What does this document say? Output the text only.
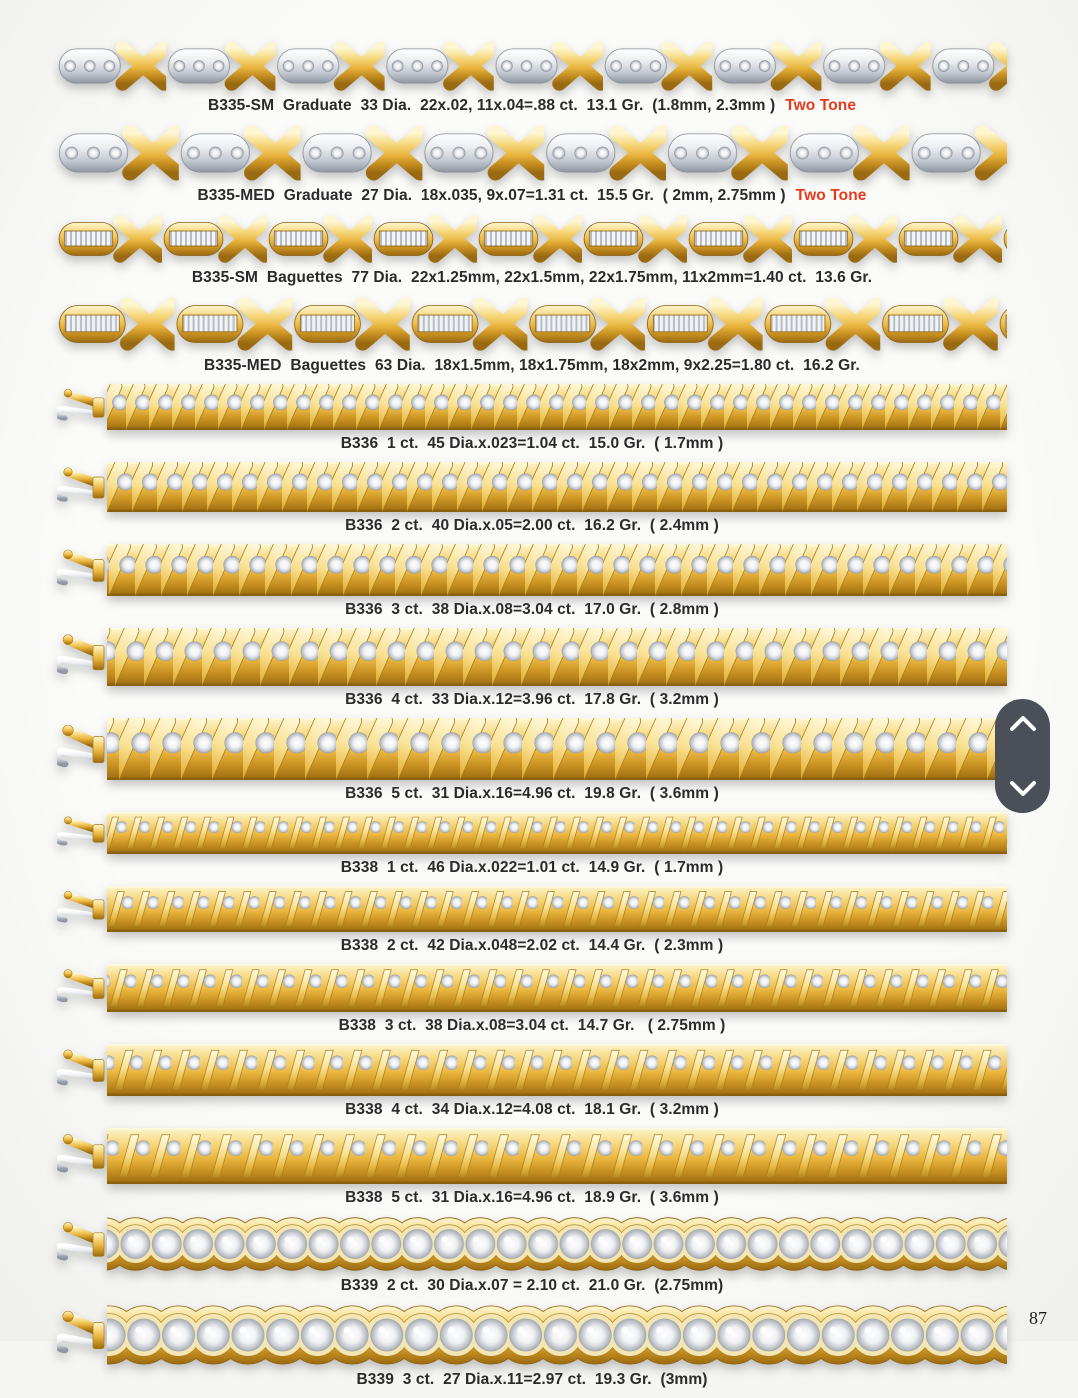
B335-SM  Graduate  33 Dia.  22x.02, 11x.04=.88 ct.  13.1 Gr.  (1.8mm, 2.3mm ) Two Tone
B335-MED  Graduate  27 Dia.  18x.035, 9x.07=1.31 ct.  15.5 Gr.  ( 2mm, 2.75mm ) Two Tone
B335-SM  Baguettes  77 Dia.  22x1.25mm, 22x1.5mm, 22x1.75mm, 11x2mm=1.40 ct.  13.6 Gr.
B335-MED  Baguettes  63 Dia.  18x1.5mm, 18x1.75mm, 18x2mm, 9x2.25=1.80 ct.  16.2 Gr.
B336  1 ct.  45 Dia.x.023=1.04 ct.  15.0 Gr.  ( 1.7mm )
B336  2 ct.  40 Dia.x.05=2.00 ct.  16.2 Gr.  ( 2.4mm )
B336  3 ct.  38 Dia.x.08=3.04 ct.  17.0 Gr.  ( 2.8mm )
B336  4 ct.  33 Dia.x.12=3.96 ct.  17.8 Gr.  ( 3.2mm )
B336  5 ct.  31 Dia.x.16=4.96 ct.  19.8 Gr.  ( 3.6mm )
B338  1 ct.  46 Dia.x.022=1.01 ct.  14.9 Gr.  ( 1.7mm )
B338  2 ct.  42 Dia.x.048=2.02 ct.  14.4 Gr.  ( 2.3mm )
B338  3 ct.  38 Dia.x.08=3.04 ct.  14.7 Gr.   ( 2.75mm )
B338  4 ct.  34 Dia.x.12=4.08 ct.  18.1 Gr.  ( 3.2mm )
B338  5 ct.  31 Dia.x.16=4.96 ct.  18.9 Gr.  ( 3.6mm )
B339  2 ct.  30 Dia.x.07 = 2.10 ct.  21.0 Gr.  (2.75mm)
B339  3 ct.  27 Dia.x.11=2.97 ct.  19.3 Gr.  (3mm)
87
